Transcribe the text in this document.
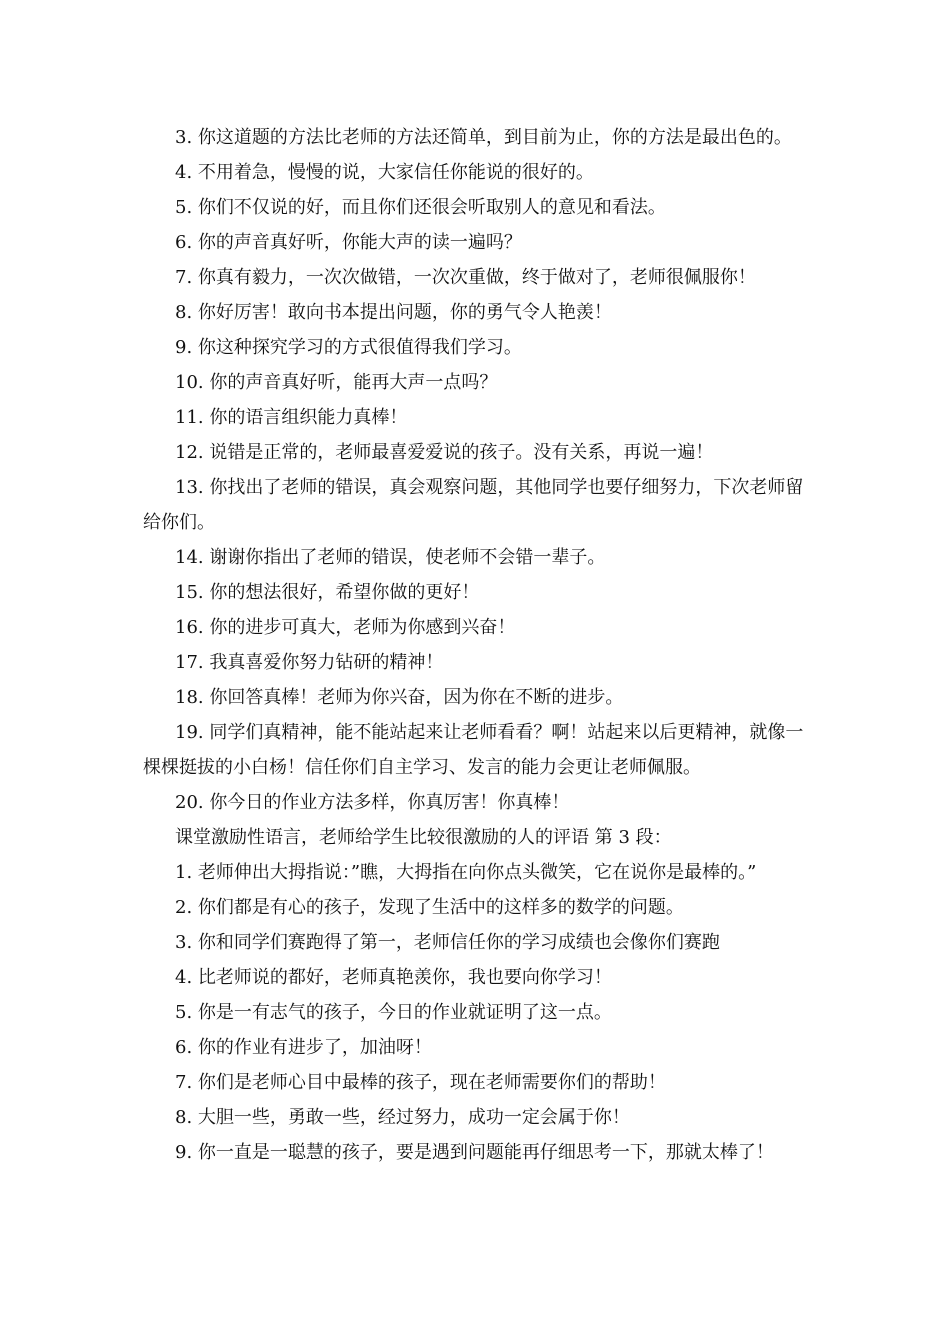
3. 你这道题的方法比老师的方法还简单，到目前为止，你的方法是最出色的。

4. 不用着急，慢慢的说，大家信任你能说的很好的。

5. 你们不仅说的好，而且你们还很会听取别人的意见和看法。

6. 你的声音真好听，你能大声的读一遍吗？

7. 你真有毅力，一次次做错，一次次重做，终于做对了，老师很佩服你！

8. 你好厉害！敢向书本提出问题，你的勇气令人艳羡！

9. 你这种探究学习的方式很值得我们学习。

10. 你的声音真好听，能再大声一点吗？

11. 你的语言组织能力真棒！

12. 说错是正常的，老师最喜爱爱说的孩子。没有关系，再说一遍！

13. 你找出了老师的错误，真会观察问题，其他同学也要仔细努力，下次老师留给你们。

14. 谢谢你指出了老师的错误，使老师不会错一辈子。

15. 你的想法很好，希望你做的更好！

16. 你的进步可真大，老师为你感到兴奋！

17. 我真喜爱你努力钻研的精神！

18. 你回答真棒！老师为你兴奋，因为你在不断的进步。

19. 同学们真精神，能不能站起来让老师看看？啊！站起来以后更精神，就像一棵棵挺拔的小白杨！信任你们自主学习、发言的能力会更让老师佩服。

20. 你今日的作业方法多样，你真厉害！你真棒！

课堂激励性语言，老师给学生比较很激励的人的评语 第 3 段：

1. 老师伸出大拇指说：”瞧，大拇指在向你点头微笑，它在说你是最棒的。”

2. 你们都是有心的孩子，发现了生活中的这样多的数学的问题。

3. 你和同学们赛跑得了第一，老师信任你的学习成绩也会像你们赛跑

4. 比老师说的都好，老师真艳羡你，我也要向你学习！

5. 你是一有志气的孩子，今日的作业就证明了这一点。

6. 你的作业有进步了，加油呀！

7. 你们是老师心目中最棒的孩子，现在老师需要你们的帮助！

8. 大胆一些，勇敢一些，经过努力，成功一定会属于你！

9. 你一直是一聪慧的孩子，要是遇到问题能再仔细思考一下，那就太棒了！
